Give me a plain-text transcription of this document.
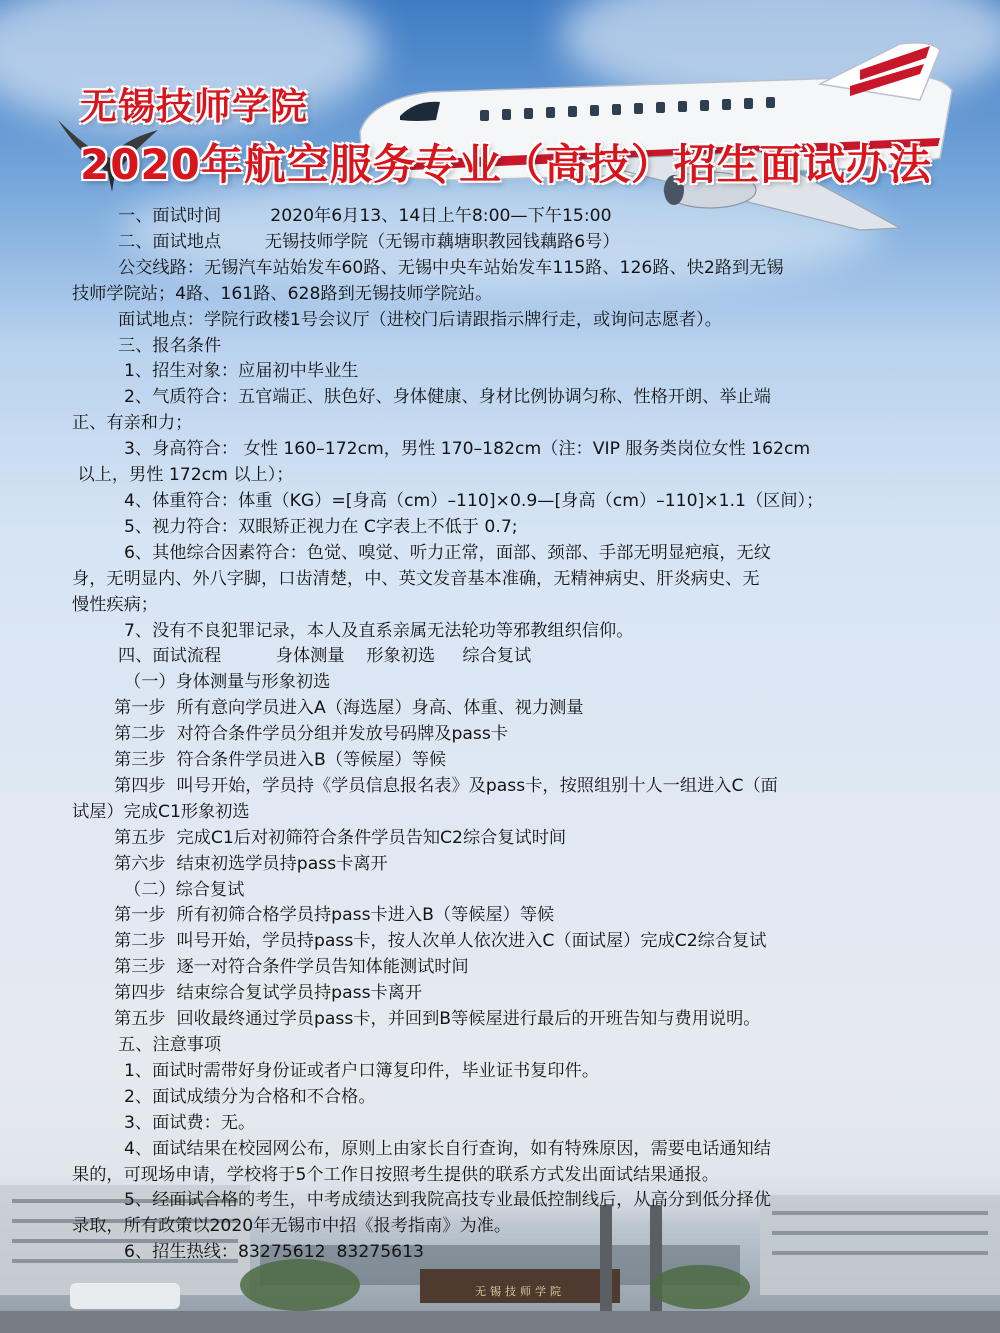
无锡技师学院
2020年航空服务专业（高技）招生面试办法
无锡技师学院

一、面试时间         2020年6月13、14日上午8:00—下午15:00

二、面试地点        无锡技师学院（无锡市藕塘职教园钱藕路6号）

公交线路：无锡汽车站始发车60路、无锡中央车站始发车115路、126路、快2路到无锡

技师学院站；4路、161路、628路到无锡技师学院站。

面试地点：学院行政楼1号会议厅（进校门后请跟指示牌行走，或询问志愿者）。

三、报名条件

1、招生对象：应届初中毕业生

2、气质符合：五官端正、肤色好、身体健康、身材比例协调匀称、性格开朗、举止端

正、有亲和力；

3、身高符合： 女性 160–172cm，男性 170–182cm（注：VIP 服务类岗位女性 162cm

以上，男性 172cm 以上）；

4、体重符合：体重（KG）=[身高（cm）–110]×0.9—[身高（cm）–110]×1.1（区间）；

5、视力符合：双眼矫正视力在 C字表上不低于 0.7;

6、其他综合因素符合：色觉、嗅觉、听力正常，面部、颈部、手部无明显疤痕，无纹

身，无明显内、外八字脚，口齿清楚，中、英文发音基本准确，无精神病史、肝炎病史、无

慢性疾病；

7、没有不良犯罪记录，本人及直系亲属无法轮功等邪教组织信仰。

四、面试流程          身体测量    形象初选     综合复试

（一）身体测量与形象初选

第一步  所有意向学员进入A（海选屋）身高、体重、视力测量

第二步  对符合条件学员分组并发放号码牌及pass卡

第三步  符合条件学员进入B（等候屋）等候

第四步  叫号开始，学员持《学员信息报名表》及pass卡，按照组别十人一组进入C（面

试屋）完成C1形象初选

第五步  完成C1后对初筛符合条件学员告知C2综合复试时间

第六步  结束初选学员持pass卡离开

（二）综合复试

第一步  所有初筛合格学员持pass卡进入B（等候屋）等候

第二步  叫号开始，学员持pass卡，按人次单人依次进入C（面试屋）完成C2综合复试

第三步  逐一对符合条件学员告知体能测试时间

第四步  结束综合复试学员持pass卡离开

第五步  回收最终通过学员pass卡，并回到B等候屋进行最后的开班告知与费用说明。

五、注意事项

1、面试时需带好身份证或者户口簿复印件，毕业证书复印件。

2、面试成绩分为合格和不合格。

3、面试费：无。

4、面试结果在校园网公布，原则上由家长自行查询，如有特殊原因，需要电话通知结

果的，可现场申请，学校将于5个工作日按照考生提供的联系方式发出面试结果通报。

5、经面试合格的考生，中考成绩达到我院高技专业最低控制线后，从高分到低分择优

录取，所有政策以2020年无锡市中招《报考指南》为准。

6、招生热线：83275612  83275613
